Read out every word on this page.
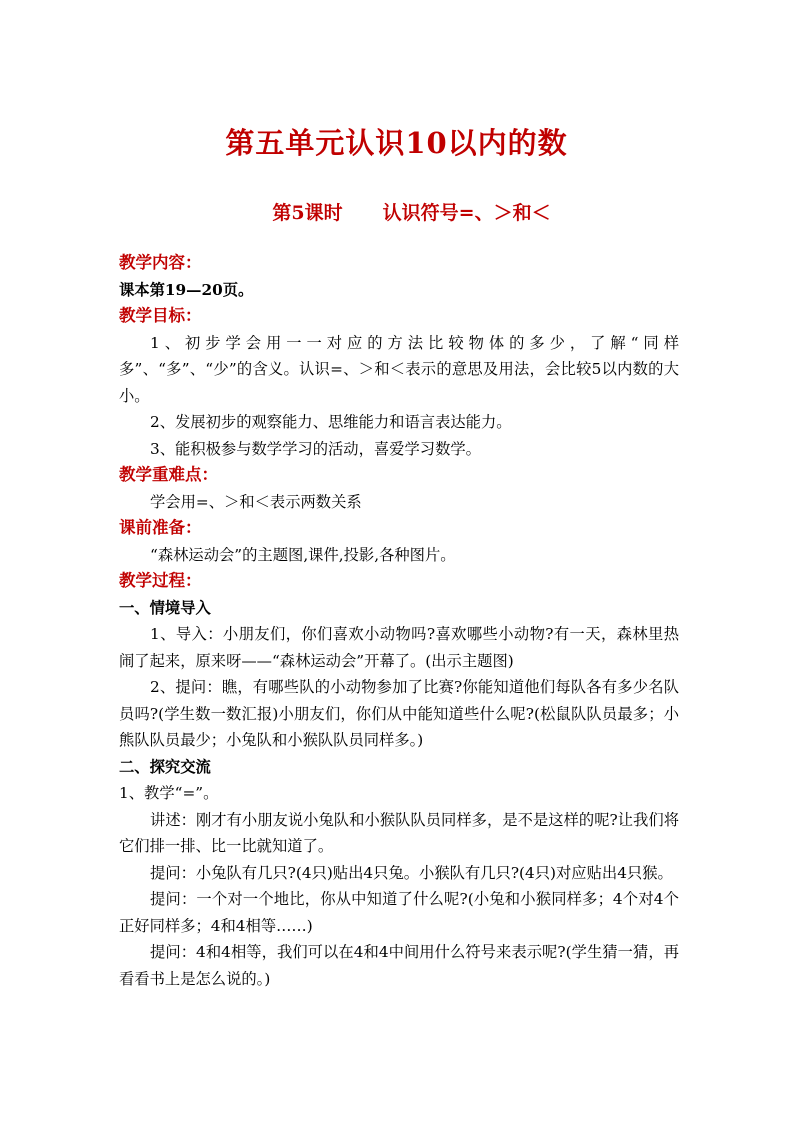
第五单元认识10以内的数
第5课时 认识符号=、＞和＜

教学内容：

课本第19—20页。

教学目标：

1、初步学会用一一对应的方法比较物体的多少，了解“同样多”、“多”、“少”的含义。认识=、＞和＜表示的意思及用法，会比较5以内数的大小。

2、发展初步的观察能力、思维能力和语言表达能力。

3、能积极参与数学学习的活动，喜爱学习数学。

教学重难点：

学会用=、＞和＜表示两数关系

课前准备：

“森林运动会”的主题图,课件,投影,各种图片。

教学过程：

一、情境导入

1、导入：小朋友们，你们喜欢小动物吗?喜欢哪些小动物?有一天，森林里热闹了起来，原来呀——“森林运动会”开幕了。(出示主题图)

2、提问：瞧，有哪些队的小动物参加了比赛?你能知道他们每队各有多少名队员吗?(学生数一数汇报)小朋友们，你们从中能知道些什么呢?(松鼠队队员最多；小熊队队员最少；小兔队和小猴队队员同样多。)

二、探究交流

1、教学“=”。

讲述：刚才有小朋友说小兔队和小猴队队员同样多，是不是这样的呢?让我们将它们排一排、比一比就知道了。

提问：小兔队有几只?(4只)贴出4只兔。小猴队有几只?(4只)对应贴出4只猴。

提问：一个对一个地比，你从中知道了什么呢?(小兔和小猴同样多；4个对4个正好同样多；4和4相等……)

提问：4和4相等，我们可以在4和4中间用什么符号来表示呢?(学生猜一猜，再看看书上是怎么说的。)
